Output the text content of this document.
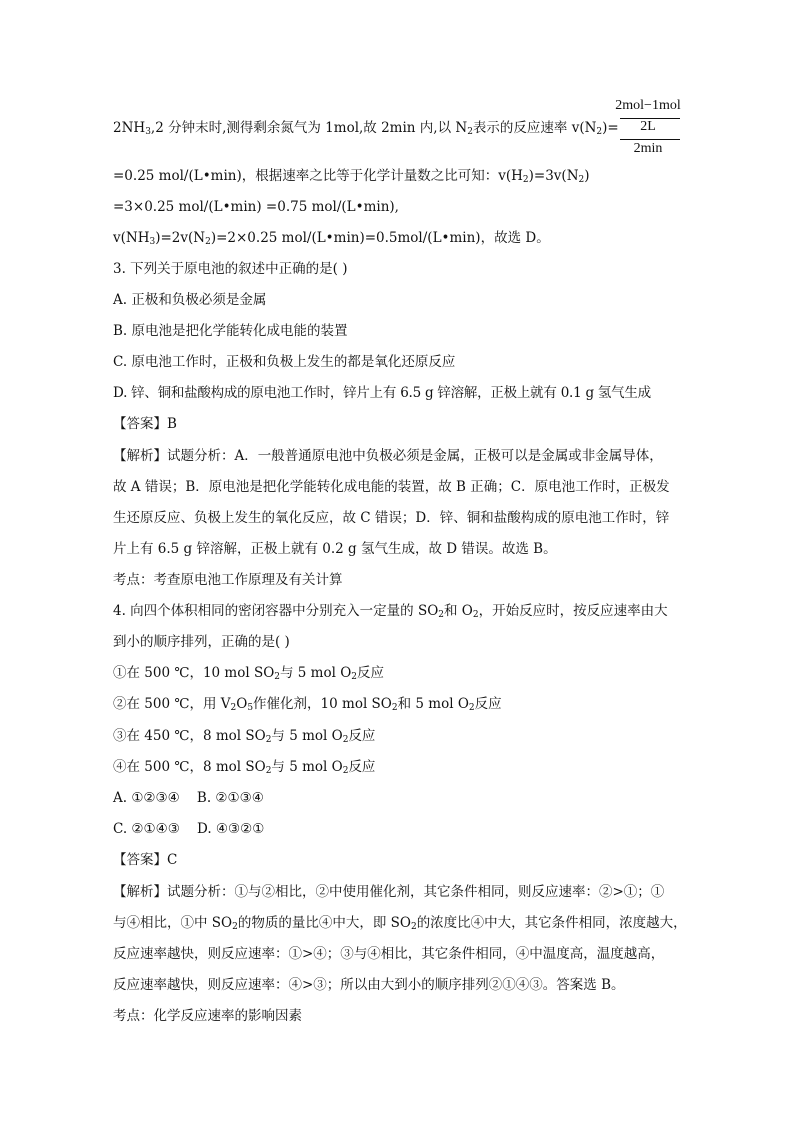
2mol−1mol
2L
2min
$2NH_3,2$ 分钟末时,测得剩余氮气为 1mol,故 2min 内,以 $N_2$表示的反应速率 $v(N_2)=$
=0.25 mol/(L•min)，根据速率之比等于化学计量数之比可知：$v(H_2)=3v(N_2)$
=3×0.25 mol/(L•min) =0.75 mol/(L•min),
$v(NH_3)=2v(N_2)=2\times 0.25$ mol/(L•min)=0.5mol/(L•min)，故选 D。
3. 下列关于原电池的叙述中正确的是( )
A. 正极和负极必须是金属
B. 原电池是把化学能转化成电能的装置
C. 原电池工作时，正极和负极上发生的都是氧化还原反应
D. 锌、铜和盐酸构成的原电池工作时，锌片上有 6.5 g 锌溶解，正极上就有 0.1 g 氢气生成
【答案】B
【解析】试题分析：A．一般普通原电池中负极必须是金属，正极可以是金属或非金属导体，
故 A 错误；B．原电池是把化学能转化成电能的装置，故 B 正确；C．原电池工作时，正极发
生还原反应、负极上发生的氧化反应，故 C 错误；D．锌、铜和盐酸构成的原电池工作时，锌
片上有 6.5 g 锌溶解，正极上就有 0.2 g 氢气生成，故 D 错误。故选 B。
考点：考查原电池工作原理及有关计算
4. 向四个体积相同的密闭容器中分别充入一定量的 $SO_2$和 $O_2$，开始反应时，按反应速率由大
到小的顺序排列，正确的是( )
①在 500 ℃，10 mol $SO_2$与 5 mol $O_2$反应
②在 500 ℃，用 $V_2O_5$作催化剂，10 mol $SO_2$和 5 mol $O_2$反应
③在 450 ℃，8 mol $SO_2$与 5 mol $O_2$反应
④在 500 ℃，8 mol $SO_2$与 5 mol $O_2$反应
A. ①②③④    B. ②①③④
C. ②①④③    D. ④③②①
【答案】C
【解析】试题分析：①与②相比，②中使用催化剂，其它条件相同，则反应速率：②>①；①
与④相比，①中 $SO_2$的物质的量比④中大，即 $SO_2$的浓度比④中大，其它条件相同，浓度越大，
反应速率越快，则反应速率：①>④；③与④相比，其它条件相同，④中温度高，温度越高，
反应速率越快，则反应速率：④>③；所以由大到小的顺序排列②①④③。答案选 B。
考点：化学反应速率的影响因素
